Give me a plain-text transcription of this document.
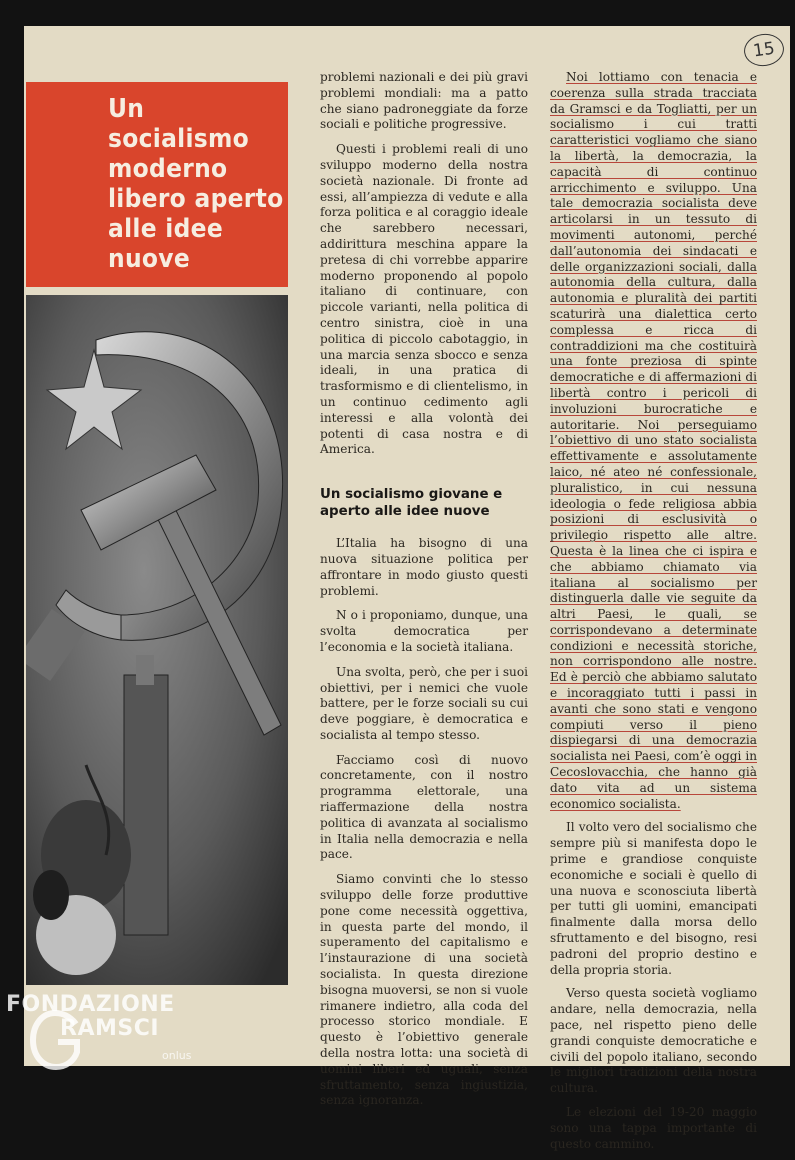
15
Un socialismo moderno libero aperto alle idee nuove

problemi nazionali e dei più gravi problemi mondiali: ma a patto che siano padroneggiate da forze sociali e politiche progressive.

Questi i problemi reali di uno sviluppo moderno della nostra società nazionale. Di fronte ad essi, all’ampiezza di vedute e alla forza politica e al coraggio ideale che sarebbero necessari, addirittura meschina appare la pretesa di chi vorrebbe apparire moderno proponendo al popolo italiano di continuare, con piccole varianti, nella politica di centro sinistra, cioè in una politica di piccolo cabotaggio, in una marcia senza sbocco e senza ideali, in una pratica di trasformismo e di clientelismo, in un continuo cedimento agli interessi e alla volontà dei potenti di casa nostra e di America.

Un socialismo giovane e aperto alle idee nuove

L’Italia ha bisogno di una nuova situazione politica per affrontare in modo giusto questi problemi.

N o i proponiamo, dunque, una svolta democratica per l’economia e la società italiana.

Una svolta, però, che per i suoi obiettivi, per i nemici che vuole battere, per le forze sociali su cui deve poggiare, è democratica e socialista al tempo stesso.

Facciamo così di nuovo concretamente, con il nostro programma elettorale, una riaffermazione della nostra politica di avanzata al socialismo in Italia nella democrazia e nella pace.

Siamo convinti che lo stesso sviluppo delle forze produttive pone come necessità oggettiva, in questa parte del mondo, il superamento del capitalismo e l’instaurazione di una società socialista. In questa direzione bisogna muoversi, se non si vuole rimanere indietro, alla coda del processo storico mondiale. E questo è l’obiettivo generale della nostra lotta: una società di uomini liberi ed uguali, senza sfruttamento, senza ingiustizia, senza ignoranza.

Noi lottiamo con tenacia e coerenza sulla strada tracciata da Gramsci e da Togliatti, per un socialismo i cui tratti caratteristici vogliamo che siano la libertà, la democrazia, la capacità di continuo arricchimento e sviluppo. Una tale democrazia socialista deve articolarsi in un tessuto di movimenti autonomi, perché dall’autonomia dei sindacati e delle organizzazioni sociali, dalla autonomia della cultura, dalla autonomia e pluralità dei partiti scaturirà una dialettica certo complessa e ricca di contraddizioni ma che costituirà una fonte preziosa di spinte democratiche e di affermazioni di libertà contro i pericoli di involuzioni burocratiche e autoritarie. Noi perseguiamo l’obiettivo di uno stato socialista effettivamente e assolutamente laico, né ateo né confessionale, pluralistico, in cui nessuna ideologia o fede religiosa abbia posizioni di esclusività o privilegio rispetto alle altre. Questa è la linea che ci ispira e che abbiamo chiamato via italiana al socialismo per distinguerla dalle vie seguite da altri Paesi, le quali, se corrispondevano a determinate condizioni e necessità storiche, non corrispondono alle nostre. Ed è perciò che abbiamo salutato e incoraggiato tutti i passi in avanti che sono stati e vengono compiuti verso il pieno dispiegarsi di una democrazia socialista nei Paesi, com’è oggi in Cecoslovacchia, che hanno già dato vita ad un sistema economico socialista.

Il volto vero del socialismo che sempre più si manifesta dopo le prime e grandiose conquiste economiche e sociali è quello di una nuova e sconosciuta libertà per tutti gli uomini, emancipati finalmente dalla morsa dello sfruttamento e del bisogno, resi padroni del proprio destino e della propria storia.

Verso questa società vogliamo andare, nella democrazia, nella pace, nel rispetto pieno delle grandi conquiste democratiche e civili del popolo italiano, secondo le migliori tradizioni della nostra cultura.

Le elezioni del 19-20 maggio sono una tappa importante di questo cammino.

FONDAZIONE
RAMSCI
onlus
